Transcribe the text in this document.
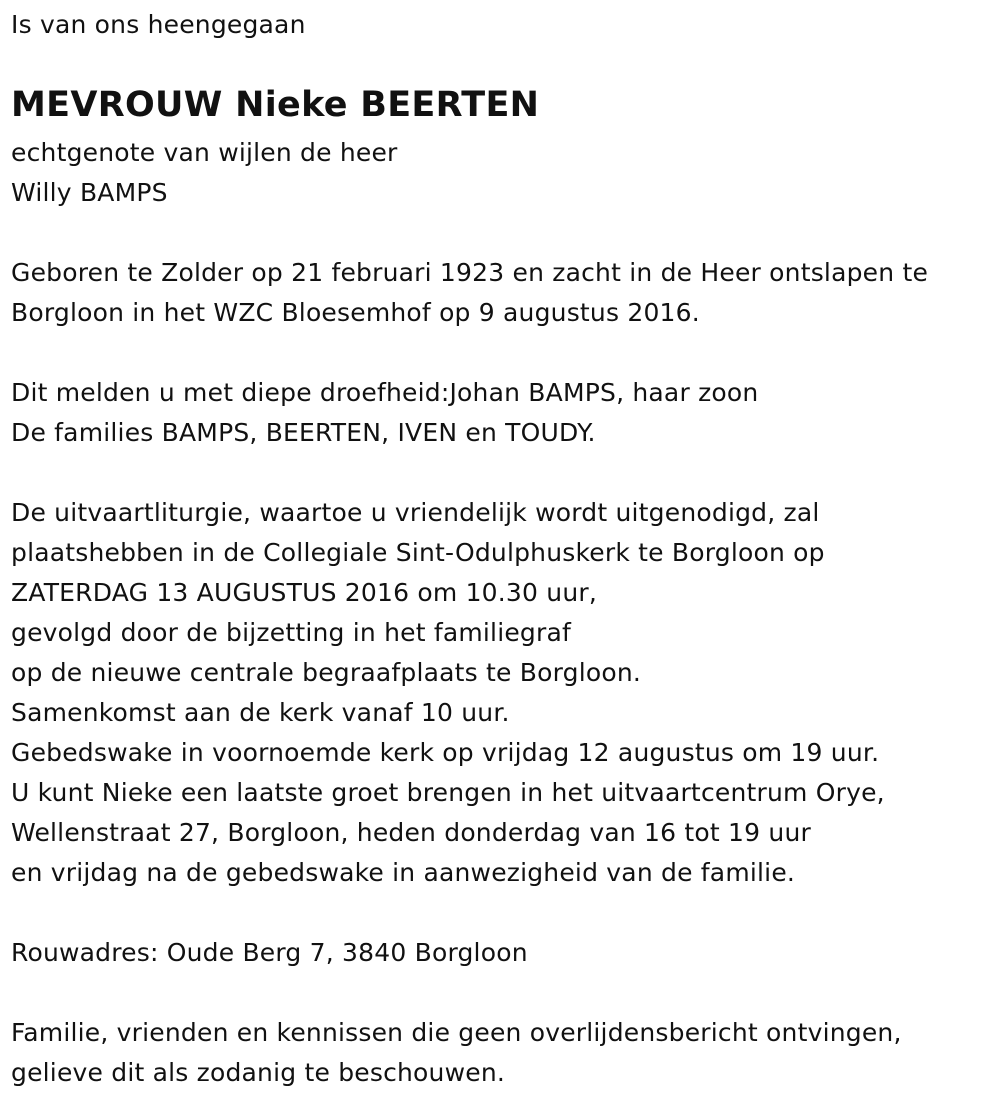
Is van ons heengegaan
MEVROUW Nieke BEERTEN
echtgenote van wijlen de heer
Willy BAMPS
Geboren te Zolder op 21 februari 1923 en zacht in de Heer ontslapen te
Borgloon in het WZC Bloesemhof op 9 augustus 2016.
Dit melden u met diepe droefheid:Johan BAMPS, haar zoon
De families BAMPS, BEERTEN, IVEN en TOUDY.
De uitvaartliturgie, waartoe u vriendelijk wordt uitgenodigd, zal
plaatshebben in de Collegiale Sint-Odulphuskerk te Borgloon op
ZATERDAG 13 AUGUSTUS 2016 om 10.30 uur,
gevolgd door de bijzetting in het familiegraf
op de nieuwe centrale begraafplaats te Borgloon.
Samenkomst aan de kerk vanaf 10 uur.
Gebedswake in voornoemde kerk op vrijdag 12 augustus om 19 uur.
U kunt Nieke een laatste groet brengen in het uitvaartcentrum Orye,
Wellenstraat 27, Borgloon, heden donderdag van 16 tot 19 uur
en vrijdag na de gebedswake in aanwezigheid van de familie.
Rouwadres: Oude Berg 7, 3840 Borgloon
Familie, vrienden en kennissen die geen overlijdensbericht ontvingen,
gelieve dit als zodanig te beschouwen.
